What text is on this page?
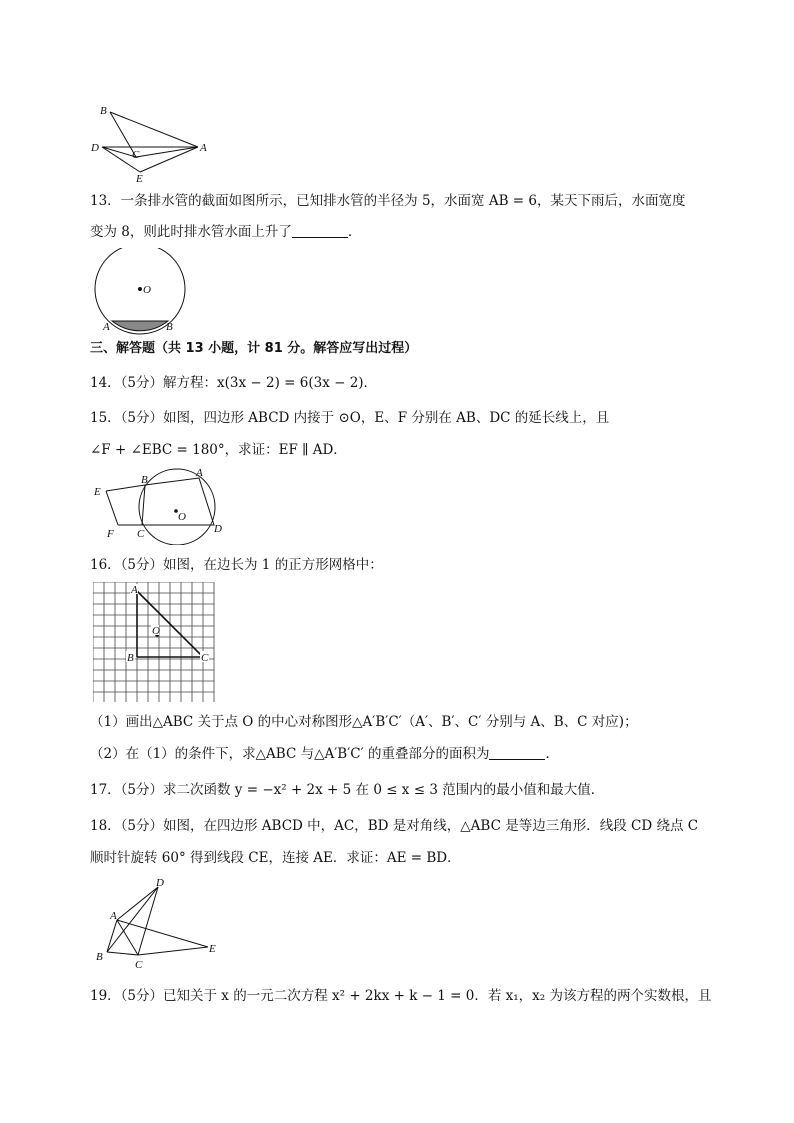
B
D
C
A
E
13．一条排水管的截面如图所示，已知排水管的半径为 5，水面宽 AB = 6，某天下雨后，水面宽度
变为 8，则此时排水管水面上升了	．
O
A	B
三、解答题（共 13 小题，计 81 分。解答应写出过程）
14．（5分）解方程：x(3x − 2) = 6(3x − 2)．
15．（5分）如图，四边形 ABCD 内接于 ⊙O，E、F 分别在 AB、DC 的延长线上，且
∠F + ∠EBC = 180°，求证：EF ∥ AD．
E
B
A
O
F C	D
16．（5分）如图，在边长为 1 的正方形网格中：
A
O
B	C
（1）画出△ABC 关于点 O 的中心对称图形△A′B′C′（A′、B′、C′ 分别与 A、B、C 对应)；
（2）在（1）的条件下，求△ABC 与△A′B′C′ 的重叠部分的面积为	．
17．（5分）求二次函数 y = −x² + 2x + 5 在 0 ≤ x ≤ 3 范围内的最小值和最大值．
18．（5分）如图，在四边形 ABCD 中，AC，BD 是对角线，△ABC 是等边三角形．线段 CD 绕点 C
顺时针旋转 60° 得到线段 CE，连接 AE．求证：AE = BD．
D
A
B
C
E
19．（5分）已知关于 x 的一元二次方程 x² + 2kx + k − 1 = 0．若 x₁，x₂ 为该方程的两个实数根，且
